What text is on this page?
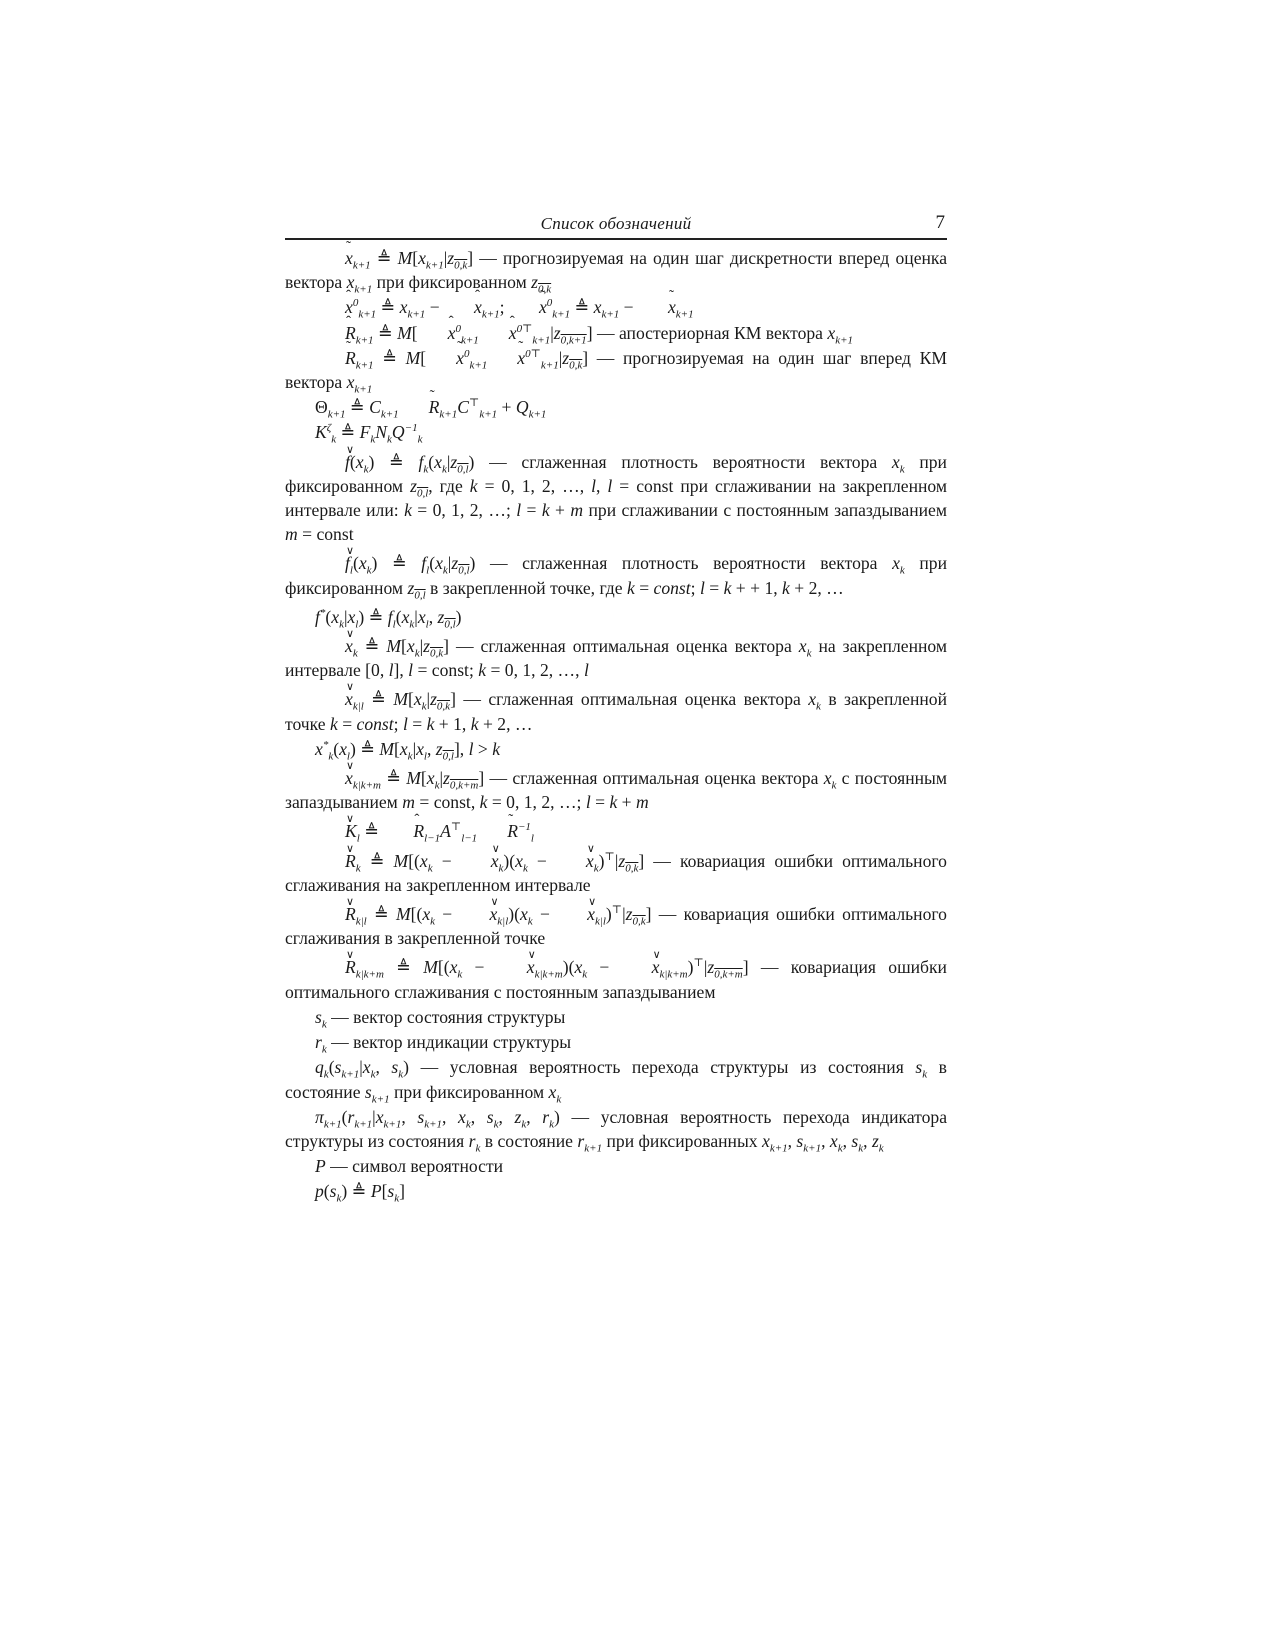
Список обозначений	7

˜ $x_{k+1}$ ≜ $M[x_{k+1}|z_{0,k}]$ — прогнозируемая на один шаг дискретности вперед оценка вектора $x_{k+1}$ при фиксированном $z_{0,k}$

ˆ $x^0_{k+1}$ ≜ $x_{k+1}$ − ˆ $x_{k+1}$; ˜ $x^0_{k+1}$ ≜ $x_{k+1}$ − ˜ $x_{k+1}$

ˆ $R_{k+1}$ ≜ M[ ˆ $x^0_{k+1}$ ˆ $x^{0⊤}_{k+1}|z_{0,k+1}$] — апостериорная КМ вектора $x_{k+1}$

˜ $R_{k+1}$ ≜ M[ ˜ $x^0_{k+1}$ ˜ $x^{0⊤}_{k+1}|z_{0,k}$] — прогнозируемая на один шаг вперед КМ вектора $x_{k+1}$

$\Theta_{k+1}$ ≜ $C_{k+1}$ ˜ $R_{k+1}C^⊤_{k+1} + Q_{k+1}$

$K^\zeta_k$ ≜ $F_kN_kQ^{-1}_k$

∨ $f(x_k)$ ≜ $f_k(x_k|z_{0,l})$ — сглаженная плотность вероятности вектора $x_k$ при фиксированном $z_{0,l}$, где k = 0, 1, 2, …, l, l = const при сглаживании на закрепленном интервале или: k = 0, 1, 2, …; l = k + m при сглаживании с постоянным запаздыванием m = const

∨ $f_l(x_k)$ ≜ $f_l(x_k|z_{0,l})$ — сглаженная плотность вероятности вектора $x_k$ при фиксированном $z_{0,l}$ в закрепленной точке, где k = const; l = k + + 1, k + 2, …

$f^*(x_k|x_l)$ ≜ $f_l(x_k|x_l$, $z_{0,l}$)

∨ $x_k$ ≜ $M[x_k|z_{0,k}]$ — сглаженная оптимальная оценка вектора $x_k$ на закрепленном интервале [0, l], l = const; k = 0, 1, 2, …, l

∨ $x_{k|l}$ ≜ $M[x_k|z_{0,k}]$ — сглаженная оптимальная оценка вектора $x_k$ в закрепленной точке k = const; l = k + 1, k + 2, …

$x^*_k(x_l)$ ≜ $M[x_k|x_l$, $z_{0,l}$], l > k

∨ $x_{k|k+m}$ ≜ $M[x_k|z_{0,k+m}]$ — сглаженная оптимальная оценка вектора $x_k$ с постоянным запаздыванием m = const, k = 0, 1, 2, …; l = k + m

∨ $K_l$ ≜ ˆ $R_{l-1}A^⊤_{l-1}$ ˜ $R^{-1}_l$

∨ $R_k$ ≜ $M[(x_k$ − ∨ $x_k)(x_k$ − ∨ $x_k)^⊤|z_{0,k}$] — ковариация ошибки оптимального сглаживания на закрепленном интервале

∨ $R_{k|l}$ ≜ $M[(x_k$ − ∨ $x_{k|l})(x_k$ − ∨ $x_{k|l})^⊤|z_{0,k}$] — ковариация ошибки оптимального сглаживания в закрепленной точке

∨ $R_{k|k+m}$ ≜ $M[(x_k$ − ∨ $x_{k|k+m})(x_k$ − ∨ $x_{k|k+m})^⊤|z_{0,k+m}$] — ковариация ошибки оптимального сглаживания с постоянным запаздыванием

$s_k$ — вектор состояния структуры

$r_k$ — вектор индикации структуры

$q_k(s_{k+1}|x_k$, $s_k$) — условная вероятность перехода структуры из состояния $s_k$ в состояние $s_{k+1}$ при фиксированном $x_k$

$\pi_{k+1}(r_{k+1}|x_{k+1}$, $s_{k+1}$, $x_k$, $s_k$, $z_k$, $r_k$) — условная вероятность перехода индикатора структуры из состояния $r_k$ в состояние $r_{k+1}$ при фиксированных $x_{k+1}$, $s_{k+1}$, $x_k$, $s_k$, $z_k$

P — символ вероятности

$p(s_k)$ ≜ $P[s_k]$
